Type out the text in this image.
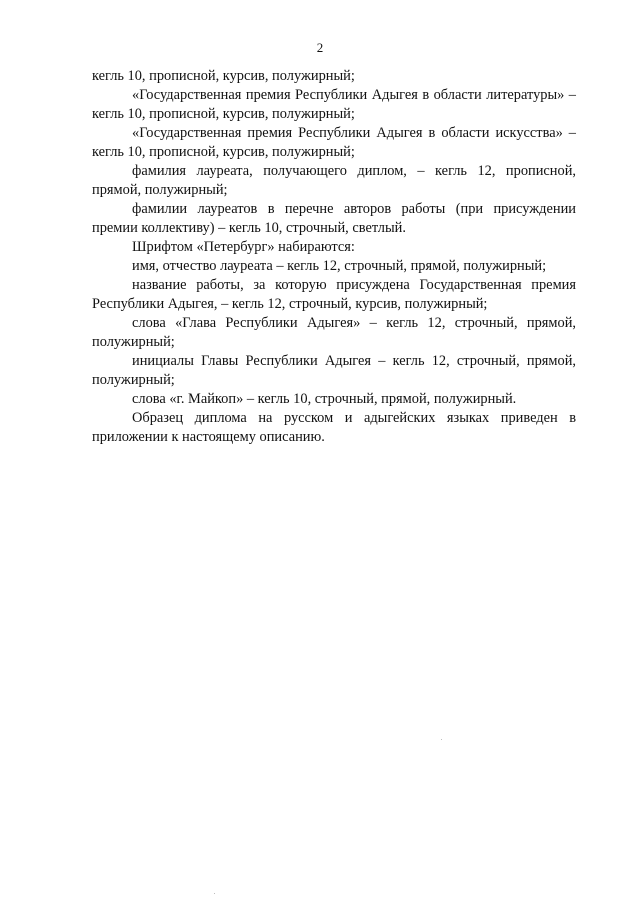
2

кегль 10, прописной, курсив, полужирный;

«Государственная премия Республики Адыгея в области литературы» – кегль 10, прописной, курсив, полужирный;

«Государственная премия Республики Адыгея в области искусства» – кегль 10, прописной, курсив, полужирный;

фамилия лауреата, получающего диплом, – кегль 12, прописной, прямой, полужирный;

фамилии лауреатов в перечне авторов работы (при присуждении премии коллективу) – кегль 10, строчный, светлый.

Шрифтом «Петербург» набираются:

имя, отчество лауреата – кегль 12, строчный, прямой, полужирный;

название работы, за которую присуждена Государственная премия Республики Адыгея, – кегль 12, строчный, курсив, полужирный;

слова «Глава Республики Адыгея» – кегль 12, строчный, прямой, полужирный;

инициалы Главы Республики Адыгея – кегль 12, строчный, прямой, полужирный;

слова «г. Майкоп» – кегль 10, строчный, прямой, полужирный.

Образец диплома на русском и адыгейских языках приведен в приложении к настоящему описанию.
